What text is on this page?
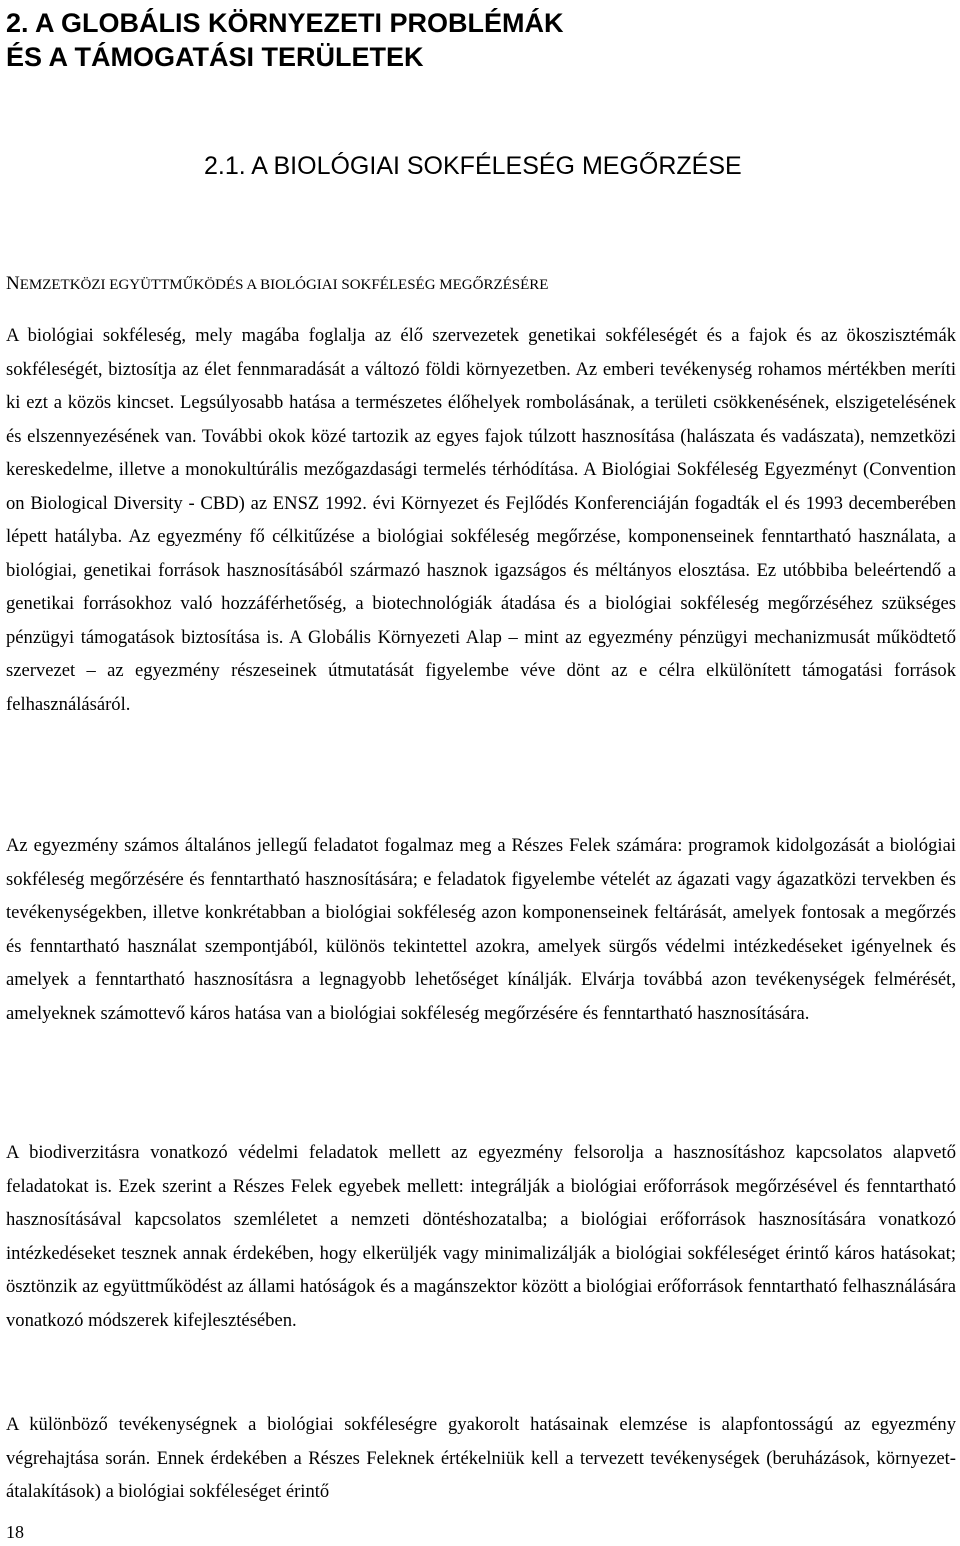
2. A GLOBÁLIS KÖRNYEZETI PROBLÉMÁK
ÉS A TÁMOGATÁSI TERÜLETEK
2.1. A BIOLÓGIAI SOKFÉLESÉG MEGŐRZÉSE
NEMZETKÖZI EGYÜTTMŰKÖDÉS A BIOLÓGIAI SOKFÉLESÉG MEGŐRZÉSÉRE

A biológiai sokféleség, mely magába foglalja az élő szervezetek genetikai sokféleségét és a fajok és az ökoszisztémák sokféleségét, biztosítja az élet fennmaradását a változó földi környezetben. Az emberi tevékenység rohamos mértékben meríti ki ezt a közös kincset. Legsúlyosabb hatása a természetes élőhelyek rombolásának, a területi csökkenésének, elszigetelésének és elszennyezésének van. További okok közé tartozik az egyes fajok túlzott hasznosítása (halászata és vadászata), nemzetközi kereskedelme, illetve a monokultúrális mezőgazdasági termelés térhódítása. A Biológiai Sokféleség Egyezményt (Convention on Biological Diversity - CBD) az ENSZ 1992. évi Környezet és Fejlődés Konferenciáján fogadták el és 1993 decemberében lépett hatályba. Az egyezmény fő célkitűzése a biológiai sokféleség megőrzése, komponenseinek fenntartható használata, a biológiai, genetikai források hasznosításából származó hasznok igazságos és méltányos elosztása. Ez utóbbiba beleértendő a genetikai forrásokhoz való hozzáférhetőség, a biotechnológiák átadása és a biológiai sokféleség megőrzéséhez szükséges pénzügyi támogatások biztosítása is. A Globális Környezeti Alap – mint az egyezmény pénzügyi mechanizmusát működtető szervezet – az egyezmény részeseinek útmutatását figyelembe véve dönt az e célra elkülönített támogatási források felhasználásáról.

Az egyezmény számos általános jellegű feladatot fogalmaz meg a Részes Felek számára: programok kidolgozását a biológiai sokféleség megőrzésére és fenntartható hasznosítására; e feladatok figyelembe vételét az ágazati vagy ágazatközi tervekben és tevékenységekben, illetve konkrétabban a biológiai sokféleség azon komponenseinek feltárását, amelyek fontosak a megőrzés és fenntartható használat szempontjából, különös tekintettel azokra, amelyek sürgős védelmi intézkedéseket igényelnek és amelyek a fenntartható hasznosításra a legnagyobb lehetőséget kínálják. Elvárja továbbá azon tevékenységek felmérését, amelyeknek számottevő káros hatása van a biológiai sokféleség megőrzésére és fenntartható hasznosítására.

A biodiverzitásra vonatkozó védelmi feladatok mellett az egyezmény felsorolja a hasznosításhoz kapcsolatos alapvető feladatokat is. Ezek szerint a Részes Felek egyebek mellett: integrálják a biológiai erőforrások megőrzésével és fenntartható hasznosításával kapcsolatos szemléletet a nemzeti döntéshozatalba; a biológiai erőforrások hasznosítására vonatkozó intézkedéseket tesznek annak érdekében, hogy elkerüljék vagy minimalizálják a biológiai sokféleséget érintő káros hatásokat; ösztönzik az együttműködést az állami hatóságok és a magánszektor között a biológiai erőforrások fenntartható felhasználására vonatkozó módszerek kifejlesztésében.

A különböző tevékenységnek a biológiai sokféleségre gyakorolt hatásainak elemzése is alapfontosságú az egyezmény végrehajtása során. Ennek érdekében a Részes Feleknek értékelniük kell a tervezett tevékenységek (beruházások, környezet-átalakítások) a biológiai sokféleséget érintő

18
